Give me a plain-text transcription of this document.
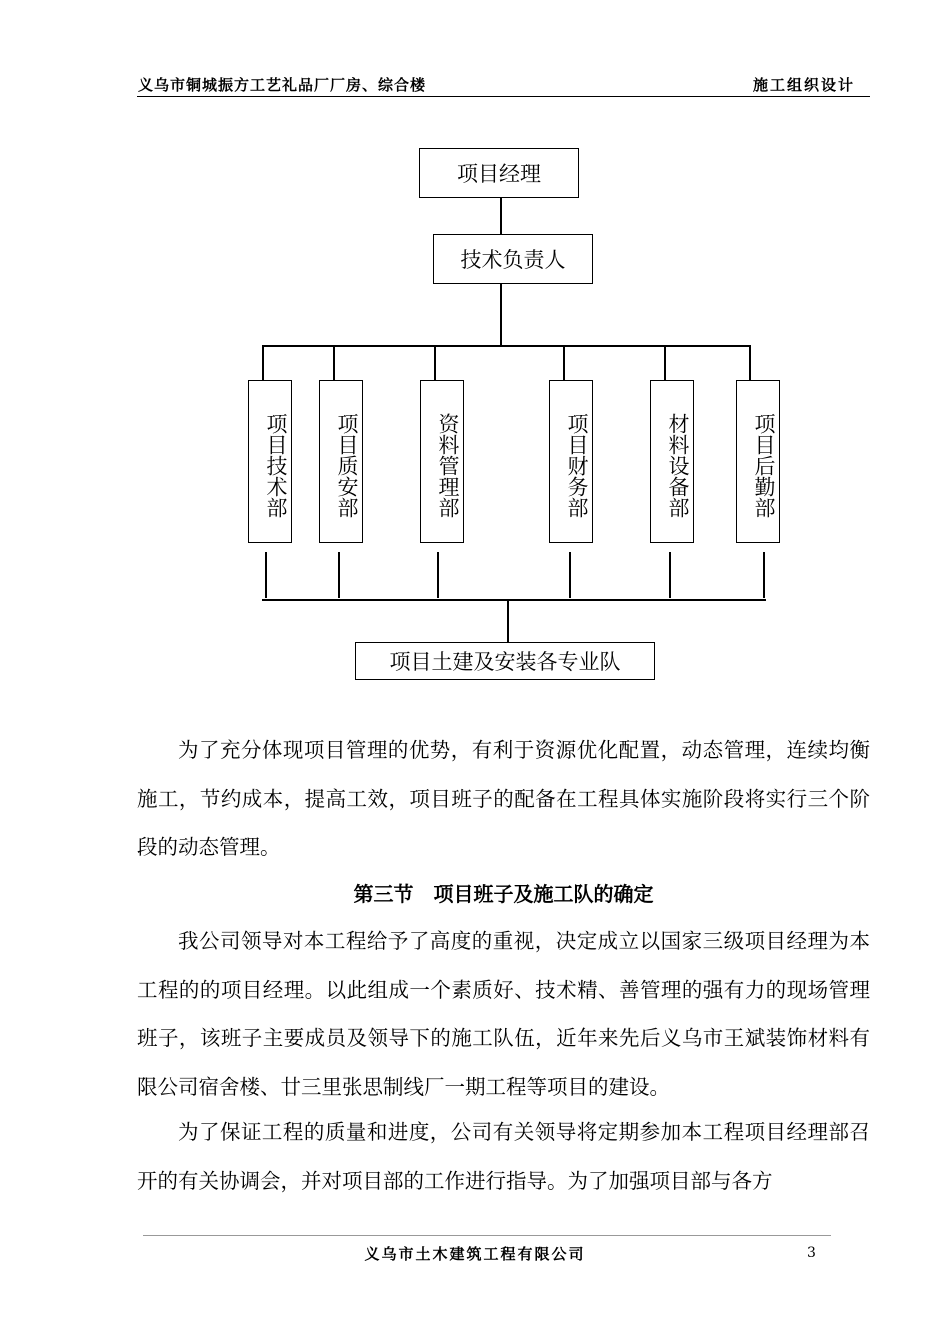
义乌市铜城振方工艺礼品厂厂房、综合楼	施工组织设计
项目经理
技术负责人
项目技术部	项目质安部	资料管理部	项目财务部	材料设备部	项目后勤部
项目土建及安装各专业队

为了充分体现项目管理的优势，有利于资源优化配置，动态管理，连续均衡施工，节约成本，提高工效，项目班子的配备在工程具体实施阶段将实行三个阶段的动态管理。

第三节　项目班子及施工队的确定

我公司领导对本工程给予了高度的重视，决定成立以国家三级项目经理为本工程的的项目经理。以此组成一个素质好、技术精、善管理的强有力的现场管理班子，该班子主要成员及领导下的施工队伍，近年来先后义乌市王斌装饰材料有限公司宿舍楼、廿三里张思制线厂一期工程等项目的建设。

为了保证工程的质量和进度，公司有关领导将定期参加本工程项目经理部召开的有关协调会，并对项目部的工作进行指导。为了加强项目部与各方

义乌市土木建筑工程有限公司	3
